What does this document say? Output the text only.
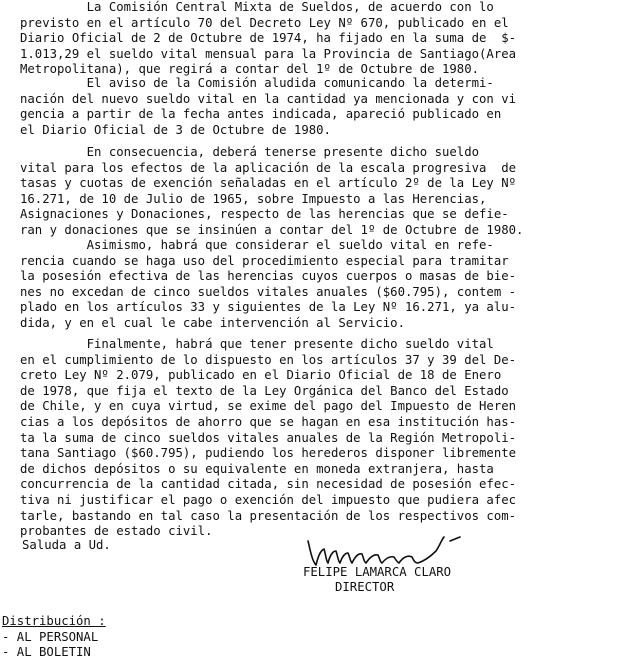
La Comisión Central Mixta de Sueldos, de acuerdo con lo
previsto en el artículo 70 del Decreto Ley Nº 670, publicado en el
Diario Oficial de 2 de Octubre de 1974, ha fijado en la suma de  $-
1.013,29 el sueldo vital mensual para la Provincia de Santiago(Area
Metropolitana), que regirá a contar del 1º de Octubre de 1980.
El aviso de la Comisión aludida comunicando la determi-
nación del nuevo sueldo vital en la cantidad ya mencionada y con vi
gencia a partir de la fecha antes indicada, apareció publicado en
el Diario Oficial de 3 de Octubre de 1980.
En consecuencia, deberá tenerse presente dicho sueldo
vital para los efectos de la aplicación de la escala progresiva  de
tasas y cuotas de exención señaladas en el artículo 2º de la Ley Nº
16.271, de 10 de Julio de 1965, sobre Impuesto a las Herencias,
Asignaciones y Donaciones, respecto de las herencias que se defie-
ran y donaciones que se insinúen a contar del 1º de Octubre de 1980.
Asimismo, habrá que considerar el sueldo vital en refe-
rencia cuando se haga uso del procedimiento especial para tramitar
la posesión efectiva de las herencias cuyos cuerpos o masas de bie-
nes no excedan de cinco sueldos vitales anuales ($60.795), contem -
plado en los artículos 33 y siguientes de la Ley Nº 16.271, ya alu-
dida, y en el cual le cabe intervención al Servicio.
Finalmente, habrá que tener presente dicho sueldo vital
en el cumplimiento de lo dispuesto en los artículos 37 y 39 del De-
creto Ley Nº 2.079, publicado en el Diario Oficial de 18 de Enero
de 1978, que fija el texto de la Ley Orgánica del Banco del Estado
de Chile, y en cuya virtud, se exime del pago del Impuesto de Heren
cias a los depósitos de ahorro que se hagan en esa institución has-
ta la suma de cinco sueldos vitales anuales de la Región Metropoli-
tana Santiago ($60.795), pudiendo los herederos disponer libremente
de dichos depósitos o su equivalente en moneda extranjera, hasta
concurrencia de la cantidad citada, sin necesidad de posesión efec-
tiva ni justificar el pago o exención del impuesto que pudiera afec
tarle, bastando en tal caso la presentación de los respectivos com-
probantes de estado civil.
Saluda a Ud.
FELIPE LAMARCA CLARO
DIRECTOR
Distribución :
- AL PERSONAL
- AL BOLETIN
